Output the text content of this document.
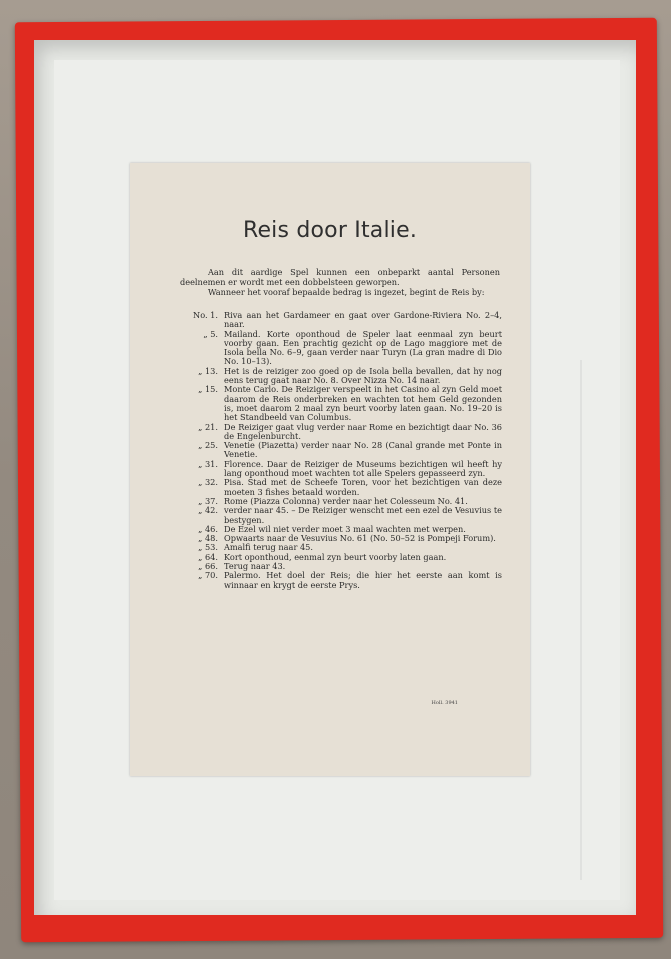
Reis door Italie.

Aan dit aardige Spel kunnen een onbeparkt aantal Personen deelnemen er wordt met een dobbelsteen geworpen.

Wanneer het vooraf bepaalde bedrag is ingezet, begint de Reis by:

No. 1. Riva aan het Gardameer en gaat over Gardone-Riviera No. 2–4, naar.
„ 5. Mailand. Korte oponthoud de Speler laat eenmaal zyn beurt voorby gaan. Een prachtig gezicht op de Lago maggiore met de Isola bella No. 6–9, gaan verder naar Turyn (La gran madre di Dio No. 10–13).
„ 13. Het is de reiziger zoo goed op de Isola bella bevallen, dat hy nog eens terug gaat naar No. 8. Over Nizza No. 14 naar.
„ 15. Monte Carlo. De Reiziger verspeelt in het Casino al zyn Geld moet daarom de Reis onderbreken en wachten tot hem Geld gezonden is, moet daarom 2 maal zyn beurt voorby laten gaan. No. 19–20 is het Standbeeld van Columbus.
„ 21. De Reiziger gaat vlug verder naar Rome en bezichtigt daar No. 36 de Engelenburcht.
„ 25. Venetie (Piazetta) verder naar No. 28 (Canal grande met Ponte in Venetie.
„ 31. Florence. Daar de Reiziger de Museums bezichtigen wil heeft hy lang oponthoud moet wachten tot alle Spelers gepasseerd zyn.
„ 32. Pisa. Stad met de Scheefe Toren, voor het bezichtigen van deze moeten 3 fishes betaald worden.
„ 37. Rome (Piazza Colonna) verder naar het Colesseum No. 41.
„ 42. verder naar 45. – De Reiziger wenscht met een ezel de Vesuvius te bestygen.
„ 46. De Ezel wil niet verder moet 3 maal wachten met werpen.
„ 48. Opwaarts naar de Vesuvius No. 61 (No. 50–52 is Pompeji Forum).
„ 53. Amalfi terug naar 45.
„ 64. Kort oponthoud, eenmal zyn beurt voorby laten gaan.
„ 66. Terug naar 43.
„ 70. Palermo. Het doel der Reis; die hier het eerste aan komt is winnaar en krygt de eerste Prys.
Holl. 3941
